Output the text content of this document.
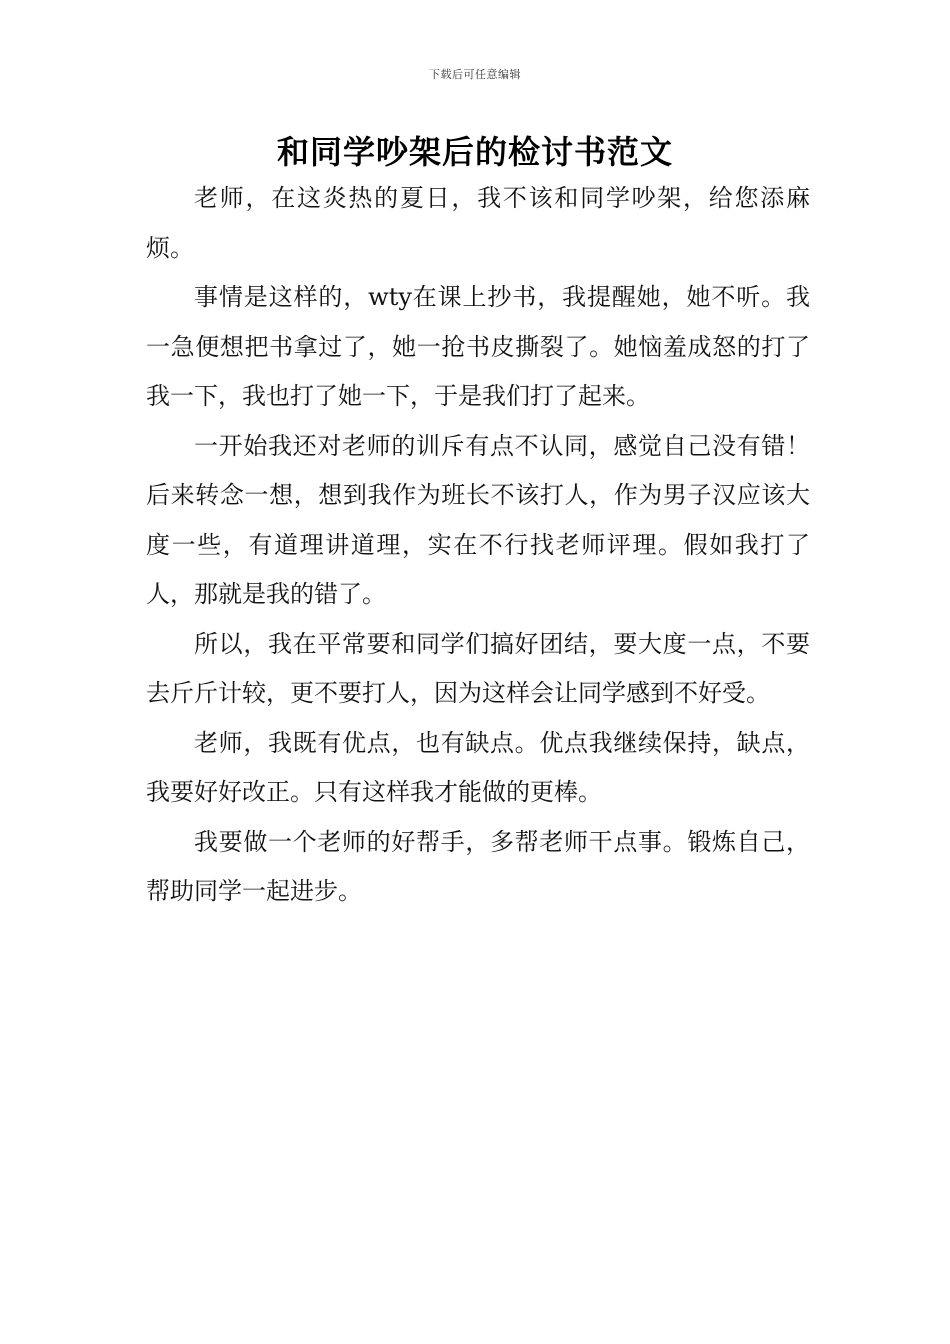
下载后可任意编辑
和同学吵架后的检讨书范文

老师，在这炎热的夏日，我不该和同学吵架，给您添麻烦。

事情是这样的，wty在课上抄书，我提醒她，她不听。我一急便想把书拿过了，她一抢书皮撕裂了。她恼羞成怒的打了我一下，我也打了她一下，于是我们打了起来。

一开始我还对老师的训斥有点不认同，感觉自己没有错！后来转念一想，想到我作为班长不该打人，作为男子汉应该大度一些，有道理讲道理，实在不行找老师评理。假如我打了人，那就是我的错了。

所以，我在平常要和同学们搞好团结，要大度一点，不要去斤斤计较，更不要打人，因为这样会让同学感到不好受。

老师，我既有优点，也有缺点。优点我继续保持，缺点，我要好好改正。只有这样我才能做的更棒。

我要做一个老师的好帮手，多帮老师干点事。锻炼自己，帮助同学一起进步。
